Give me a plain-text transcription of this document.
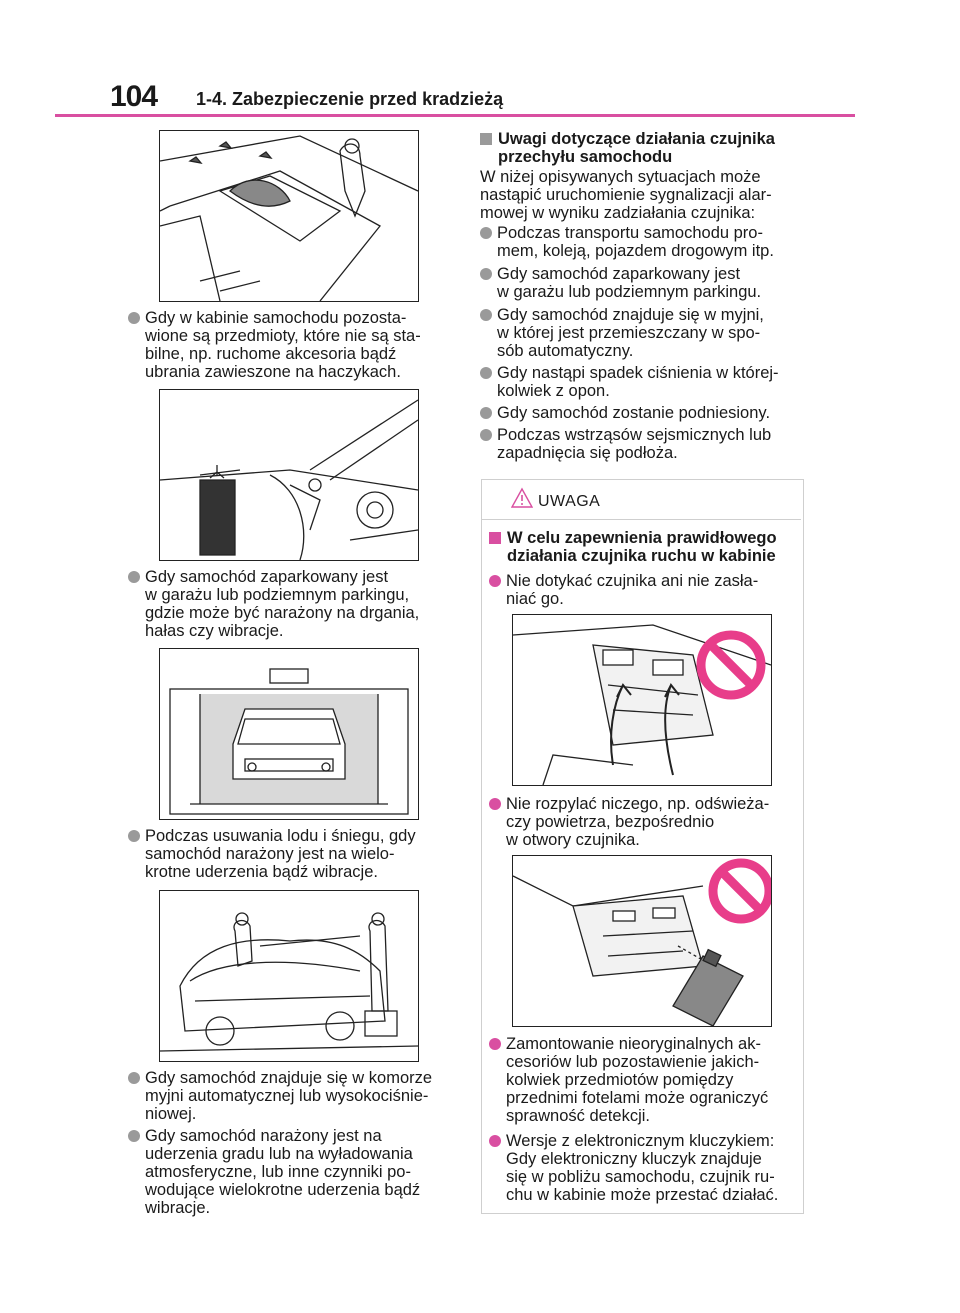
104 1-4. Zabezpieczenie przed kradzieżą
Gdy w kabinie samochodu pozosta-
wione są przedmioty, które nie są sta-
bilne, np. ruchome akcesoria bądź
ubrania zawieszone na haczykach.
Gdy samochód zaparkowany jest
w garażu lub podziemnym parkingu,
gdzie może być narażony na drgania,
hałas czy wibracje.
Podczas usuwania lodu i śniegu, gdy
samochód narażony jest na wielo-
krotne uderzenia bądź wibracje.
Gdy samochód znajduje się w komorze
myjni automatycznej lub wysokociśnie-
niowej.
Gdy samochód narażony jest na
uderzenia gradu lub na wyładowania
atmosferyczne, lub inne czynniki po-
wodujące wielokrotne uderzenia bądź
wibracje.
Uwagi dotyczące działania czujnika
przechyłu samochodu
W niżej opisywanych sytuacjach może
nastąpić uruchomienie sygnalizacji alar-
mowej w wyniku zadziałania czujnika:
Podczas transportu samochodu pro-
mem, koleją, pojazdem drogowym itp.
Gdy samochód zaparkowany jest
w garażu lub podziemnym parkingu.
Gdy samochód znajduje się w myjni,
w której jest przemieszczany w spo-
sób automatyczny.
Gdy nastąpi spadek ciśnienia w której-
kolwiek z opon.
Gdy samochód zostanie podniesiony.
Podczas wstrząsów sejsmicznych lub
zapadnięcia się podłoża.
UWAGA
W celu zapewnienia prawidłowego
działania czujnika ruchu w kabinie
Nie dotykać czujnika ani nie zasła-
niać go.
Nie rozpylać niczego, np. odświeża-
czy powietrza, bezpośrednio
w otwory czujnika.
Zamontowanie nieoryginalnych ak-
cesoriów lub pozostawienie jakich-
kolwiek przedmiotów pomiędzy
przednimi fotelami może ograniczyć
sprawność detekcji.
Wersje z elektronicznym kluczykiem:
Gdy elektroniczny kluczyk znajduje
się w pobliżu samochodu, czujnik ru-
chu w kabinie może przestać działać.
